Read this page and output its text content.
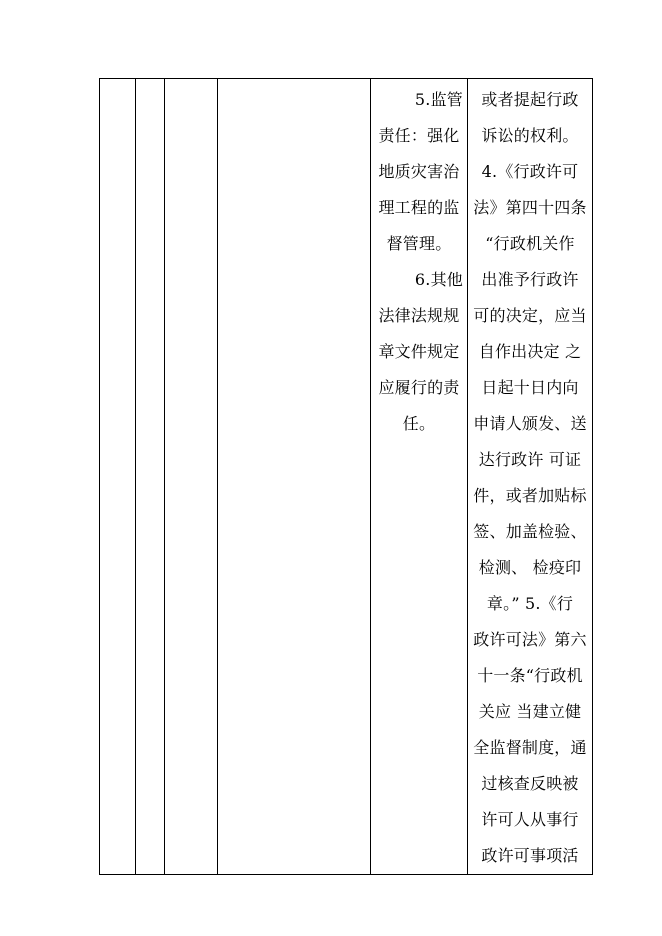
5.监管
责任：强化
地质灾害治
理工程的监
督管理。
6.其他
法律法规规
章文件规定
应履行的责
任。

或者提起行政
诉讼的权利。
4.《行政许可
法》第四十四条
“行政机关作
出准予行政许
可的决定，应当
自作出决定 之
日起十日内向
申请人颁发、送
达行政许 可证
件，或者加贴标
签、加盖检验、
检测、 检疫印
章。” 5.《行
政许可法》第六
十一条“行政机
关应 当建立健
全监督制度，通
过核查反映被
许可人从事行
政许可事项活
